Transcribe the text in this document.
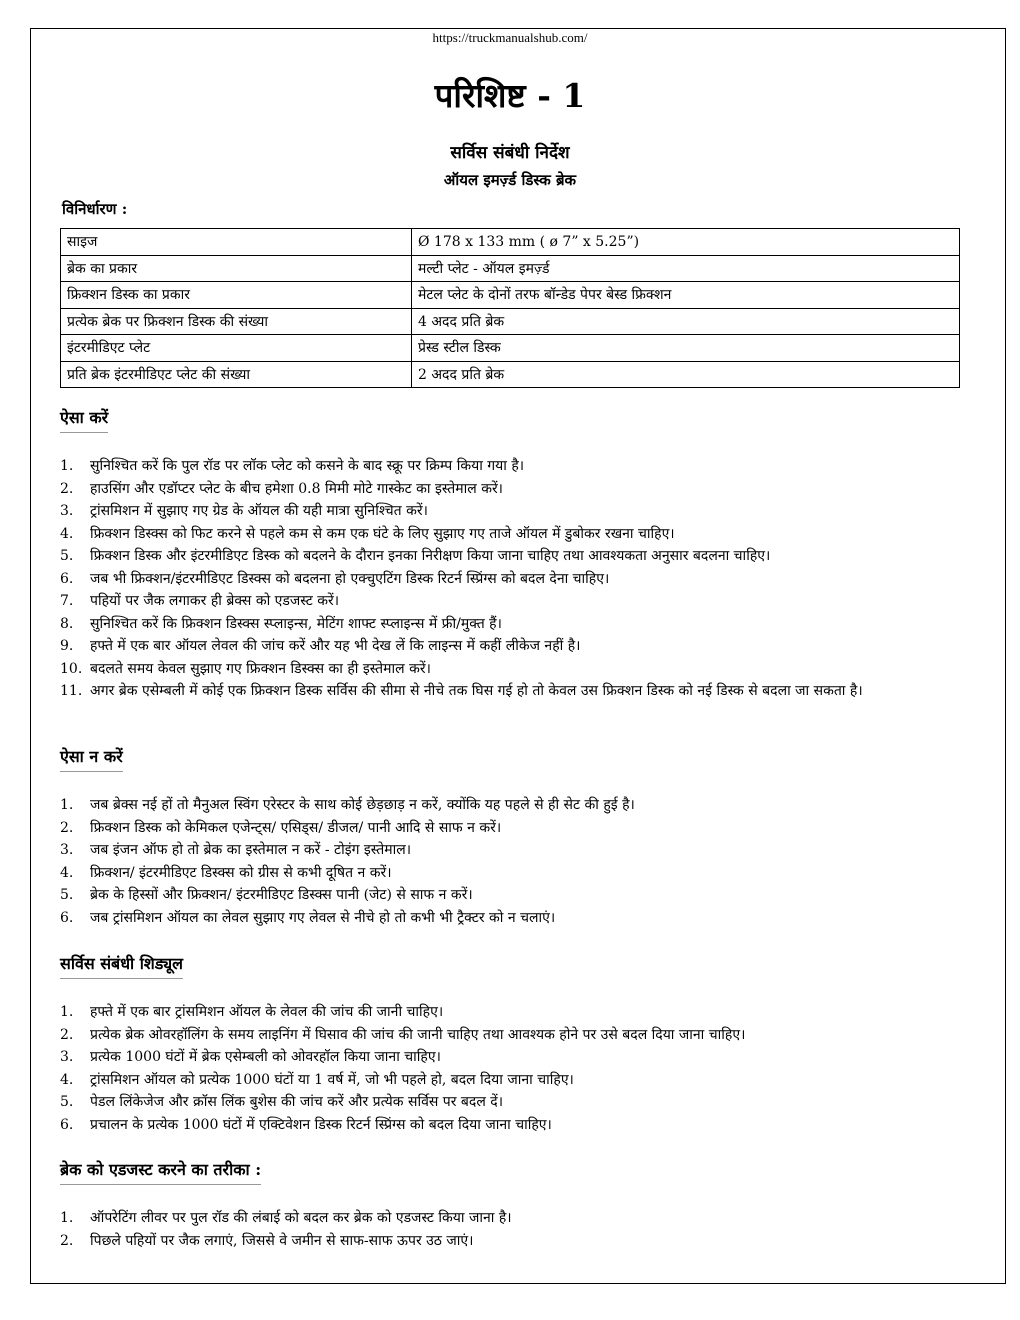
https://truckmanualshub.com/
परिशिष्ट - 1
सर्विस संबंधी निर्देश
ऑयल इमर्ज़्ड डिस्क ब्रेक
विनिर्धारण :
साइज	Ø 178 x 133 mm ( ø 7” x 5.25”)
ब्रेक का प्रकार	मल्टी प्लेट - ऑयल इमर्ज़्ड
फ्रिक्शन डिस्क का प्रकार	मेटल प्लेट के दोनों तरफ बॉन्डेड पेपर बेस्ड फ्रिक्शन
प्रत्येक ब्रेक पर फ्रिक्शन डिस्क की संख्या	4 अदद प्रति ब्रेक
इंटरमीडिएट प्लेट	प्रेस्ड स्टील डिस्क
प्रति ब्रेक इंटरमीडिएट प्लेट की संख्या	2 अदद प्रति ब्रेक
ऐसा करें
1.	सुनिश्चित करें कि पुल रॉड पर लॉक प्लेट को कसने के बाद स्क्रू पर क्रिम्प किया गया है।
2.	हाउसिंग और एडॉप्टर प्लेट के बीच हमेशा 0.8 मिमी मोटे गास्केट का इस्तेमाल करें।
3.	ट्रांसमिशन में सुझाए गए ग्रेड के ऑयल की यही मात्रा सुनिश्चित करें।
4.	फ्रिक्शन डिस्क्स को फिट करने से पहले कम से कम एक घंटे के लिए सुझाए गए ताजे ऑयल में डुबोकर रखना चाहिए।
5.	फ्रिक्शन डिस्क और इंटरमीडिएट डिस्क को बदलने के दौरान इनका निरीक्षण किया जाना चाहिए तथा आवश्यकता अनुसार बदलना चाहिए।
6.	जब भी फ्रिक्शन/इंटरमीडिएट डिस्क्स को बदलना हो एक्चुएटिंग डिस्क रिटर्न स्प्रिंग्स को बदल देना चाहिए।
7.	पहियों पर जैक लगाकर ही ब्रेक्स को एडजस्ट करें।
8.	सुनिश्चित करें कि फ्रिक्शन डिस्क्स स्प्लाइन्स, मेटिंग शाफ्ट स्प्लाइन्स में फ्री/मुक्त हैं।
9.	हफ्ते में एक बार ऑयल लेवल की जांच करें और यह भी देख लें कि लाइन्स में कहीं लीकेज नहीं है।
10. बदलते समय केवल सुझाए गए फ्रिक्शन डिस्क्स का ही इस्तेमाल करें।
11. अगर ब्रेक एसेम्बली में कोई एक फ्रिक्शन डिस्क सर्विस की सीमा से नीचे तक घिस गई हो तो केवल उस फ्रिक्शन डिस्क को नई डिस्क से बदला जा सकता है।
ऐसा न करें
1.	जब ब्रेक्स नई हों तो मैनुअल स्विंग एरेस्टर के साथ कोई छेड़छाड़ न करें, क्योंकि यह पहले से ही सेट की हुई है।
2.	फ्रिक्शन डिस्क को केमिकल एजेन्ट्स/ एसिड्स/ डीजल/ पानी आदि से साफ न करें।
3.	जब इंजन ऑफ हो तो ब्रेक का इस्तेमाल न करें - टोइंग इस्तेमाल।
4.	फ्रिक्शन/ इंटरमीडिएट डिस्क्स को ग्रीस से कभी दूषित न करें।
5.	ब्रेक के हिस्सों और फ्रिक्शन/ इंटरमीडिएट डिस्क्स पानी (जेट) से साफ न करें।
6.	जब ट्रांसमिशन ऑयल का लेवल सुझाए गए लेवल से नीचे हो तो कभी भी ट्रैक्टर को न चलाएं।
सर्विस संबंधी शिड्यूल
1.	हफ्ते में एक बार ट्रांसमिशन ऑयल के लेवल की जांच की जानी चाहिए।
2.	प्रत्येक ब्रेक ओवरहॉलिंग के समय लाइनिंग में घिसाव की जांच की जानी चाहिए तथा आवश्यक होने पर उसे बदल दिया जाना चाहिए।
3.	प्रत्येक 1000 घंटों में ब्रेक एसेम्बली को ओवरहॉल किया जाना चाहिए।
4.	ट्रांसमिशन ऑयल को प्रत्येक 1000 घंटों या 1 वर्ष में, जो भी पहले हो, बदल दिया जाना चाहिए।
5.	पेडल लिंकेजेज और क्रॉस लिंक बुशेस की जांच करें और प्रत्येक सर्विस पर बदल दें।
6.	प्रचालन के प्रत्येक 1000 घंटों में एक्टिवेशन डिस्क रिटर्न स्प्रिंग्स को बदल दिया जाना चाहिए।
ब्रेक को एडजस्ट करने का तरीका :
1.	ऑपरेटिंग लीवर पर पुल रॉड की लंबाई को बदल कर ब्रेक को एडजस्ट किया जाना है।
2.	पिछले पहियों पर जैक लगाएं, जिससे वे जमीन से साफ-साफ ऊपर उठ जाएं।
